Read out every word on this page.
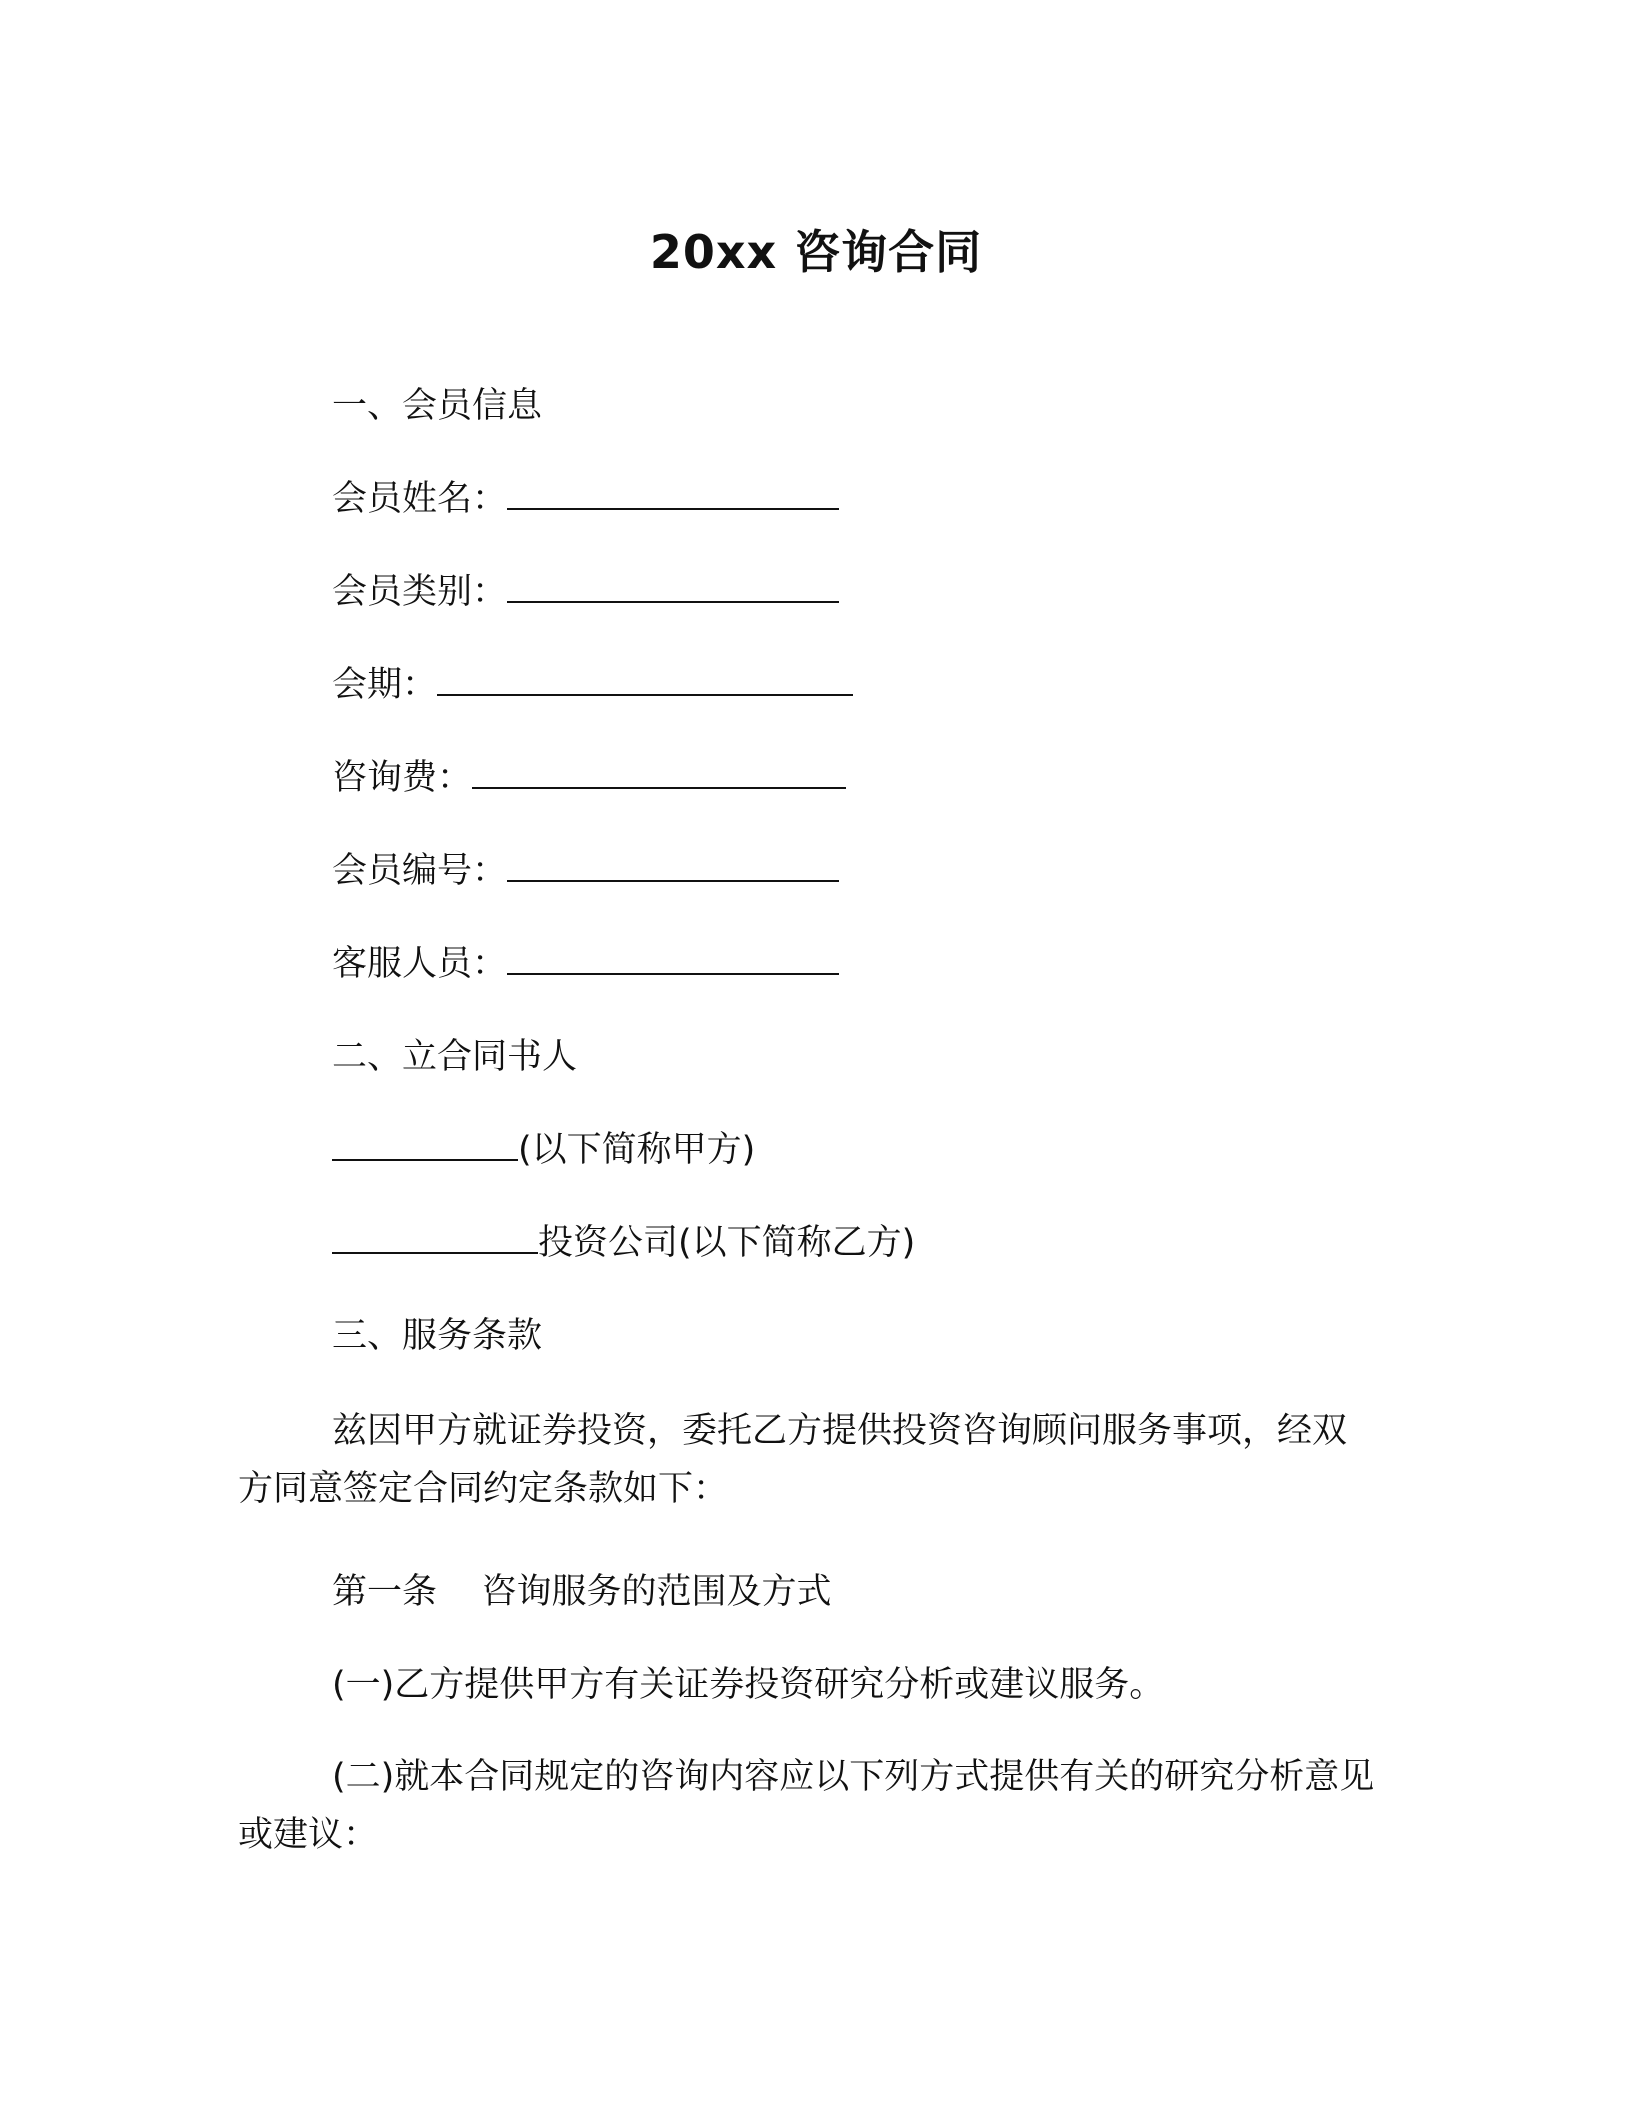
20xx 咨询合同
一、会员信息
会员姓名：
会员类别：
会期：
咨询费：
会员编号：
客服人员：
二、立合同书人
(以下简称甲方)
投资公司(以下简称乙方)
三、服务条款
兹因甲方就证券投资，委托乙方提供投资咨询顾问服务事项，经双方同意签定合同约定条款如下：
第一条    咨询服务的范围及方式
(一)乙方提供甲方有关证券投资研究分析或建议服务。
(二)就本合同规定的咨询内容应以下列方式提供有关的研究分析意见或建议：
